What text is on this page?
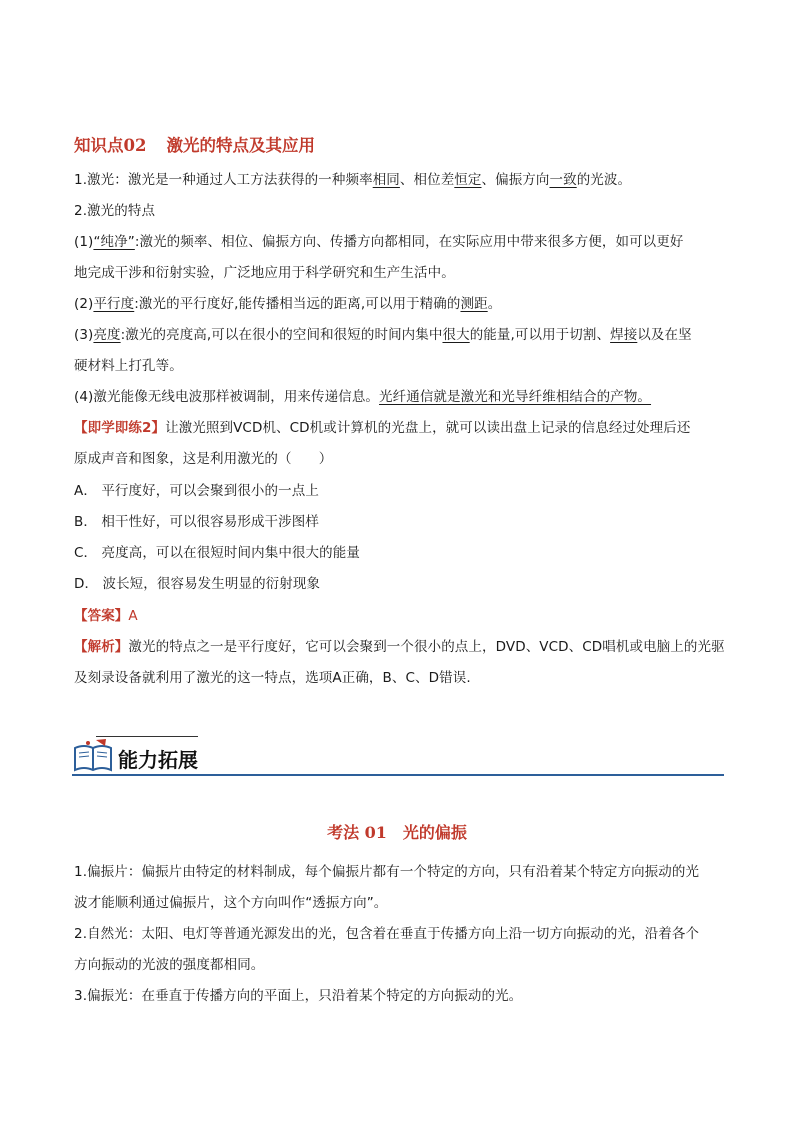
知识点02 激光的特点及其应用
1.激光：激光是一种通过人工方法获得的一种频率相同、相位差恒定、偏振方向一致的光波。
2.激光的特点
(1)“纯净”:激光的频率、相位、偏振方向、传播方向都相同，在实际应用中带来很多方便，如可以更好
地完成干涉和衍射实验，广泛地应用于科学研究和生产生活中。
(2)平行度:激光的平行度好,能传播相当远的距离,可以用于精确的测距。
(3)亮度:激光的亮度高,可以在很小的空间和很短的时间内集中很大的能量,可以用于切割、焊接以及在坚
硬材料上打孔等。
(4)激光能像无线电波那样被调制，用来传递信息。光纤通信就是激光和光导纤维相结合的产物。
【即学即练2】让激光照到VCD机、CD机或计算机的光盘上，就可以读出盘上记录的信息经过处理后还
原成声音和图象，这是利用激光的（　　）
A． 平行度好，可以会聚到很小的一点上
B． 相干性好，可以很容易形成干涉图样
C． 亮度高，可以在很短时间内集中很大的能量
D． 波长短，很容易发生明显的衍射现象
【答案】A
【解析】激光的特点之一是平行度好，它可以会聚到一个很小的点上，DVD、VCD、CD唱机或电脑上的光驱
及刻录设备就利用了激光的这一特点，选项A正确，B、C、D错误.
能力拓展
考法 01 光的偏振
1.偏振片：偏振片由特定的材料制成，每个偏振片都有一个特定的方向，只有沿着某个特定方向振动的光
波才能顺利通过偏振片，这个方向叫作“透振方向”。
2.自然光：太阳、电灯等普通光源发出的光，包含着在垂直于传播方向上沿一切方向振动的光，沿着各个
方向振动的光波的强度都相同。
3.偏振光：在垂直于传播方向的平面上，只沿着某个特定的方向振动的光。
